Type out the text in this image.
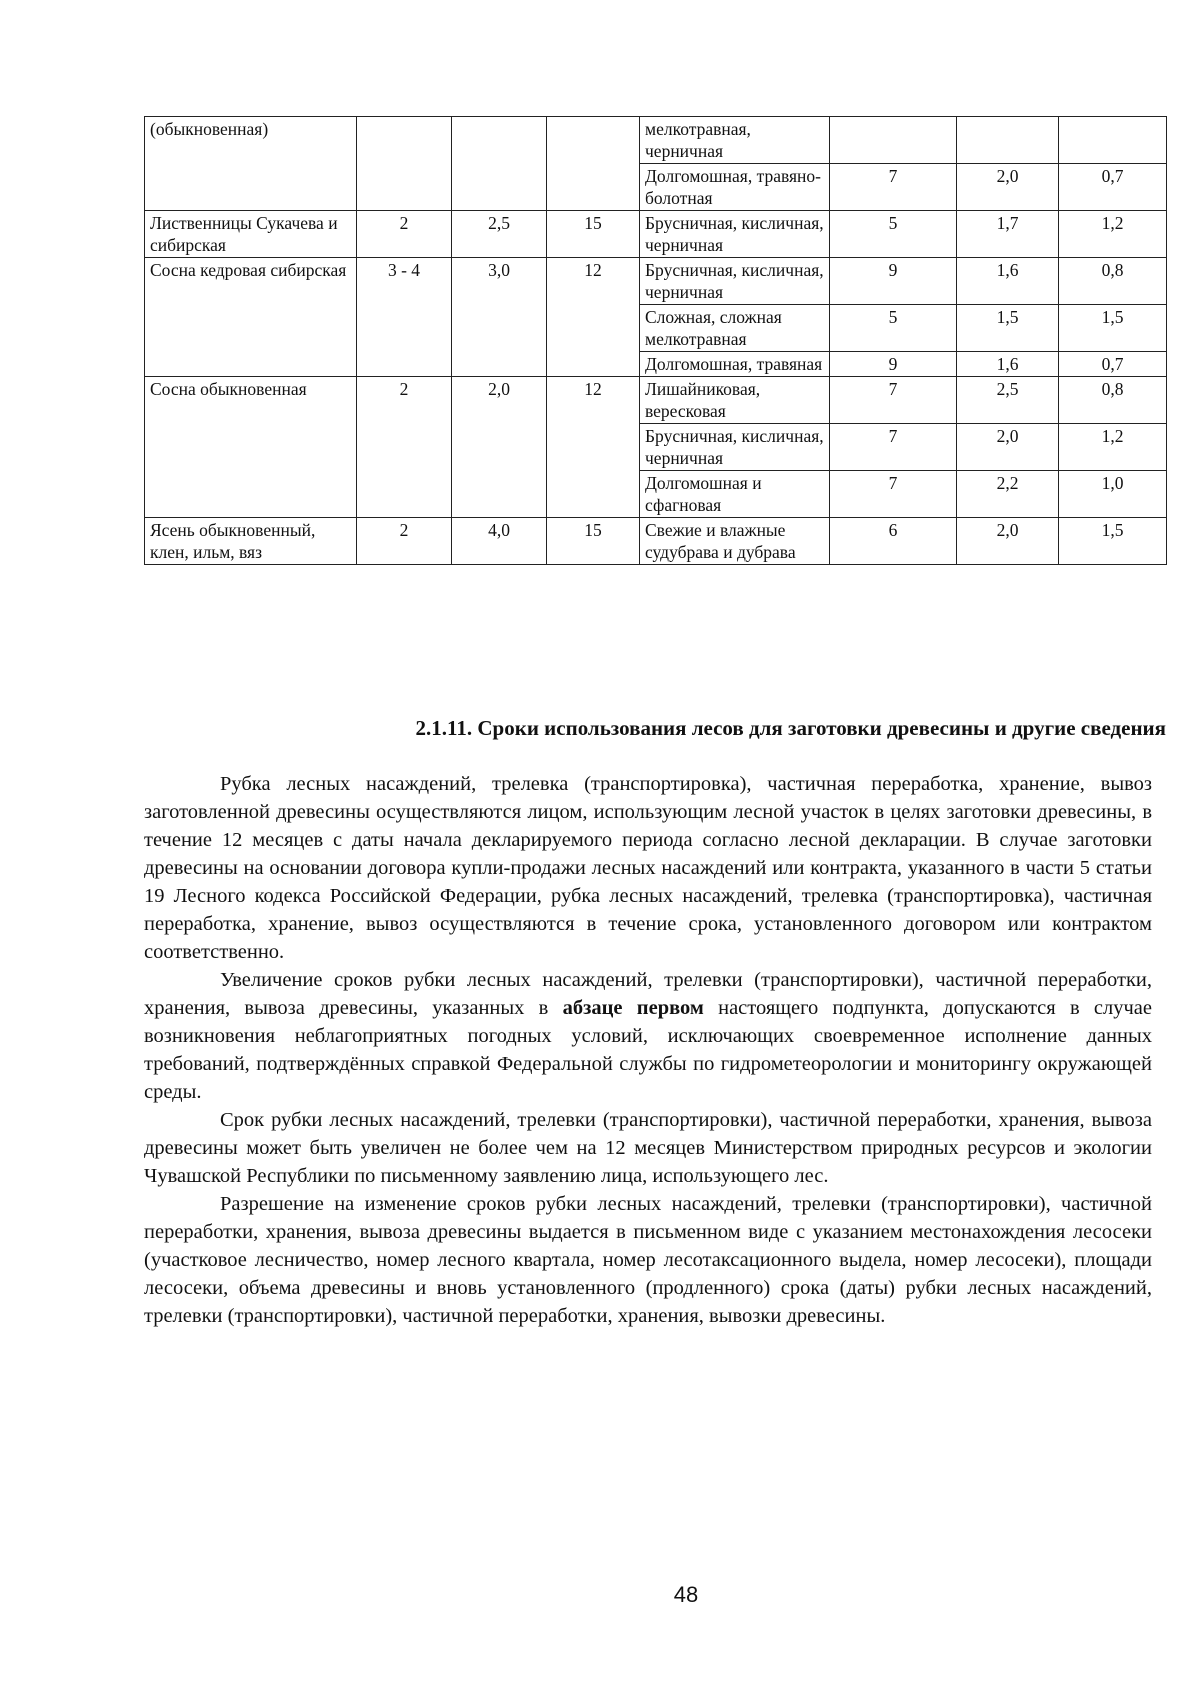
(обыкновенная)				мелкотравная, черничная			
				Долгомошная, травяно-болотная	7	2,0	0,7
Лиственницы Сукачева и сибирская	2	2,5	15	Брусничная, кисличная, черничная	5	1,7	1,2
Сосна кедровая сибирская	3 - 4	3,0	12	Брусничная, кисличная, черничная	9	1,6	0,8
				Сложная, сложная мелкотравная	5	1,5	1,5
				Долгомошная, травяная	9	1,6	0,7
Сосна обыкновенная	2	2,0	12	Лишайниковая, вересковая	7	2,5	0,8
				Брусничная, кисличная, черничная	7	2,0	1,2
				Долгомошная и сфагновая	7	2,2	1,0
Ясень обыкновенный, клен, ильм, вяз	2	4,0	15	Свежие и влажные судубрава и дубрава	6	2,0	1,5
2.1.11. Сроки использования лесов для заготовки древесины и другие сведения

Рубка лесных насаждений, трелевка (транспортировка), частичная переработка, хранение, вывоз заготовленной древесины осуществляются лицом, использующим лесной участок в целях заготовки древесины, в течение 12 месяцев с даты начала декларируемого периода согласно лесной декларации. В случае заготовки древесины на основании договора купли-продажи лесных насаждений или контракта, указанного в части 5 статьи 19 Лесного кодекса Российской Федерации, рубка лесных насаждений, трелевка (транспортировка), частичная переработка, хранение, вывоз осуществляются в течение срока, установленного договором или контрактом соответственно.

Увеличение сроков рубки лесных насаждений, трелевки (транспортировки), частичной переработки, хранения, вывоза древесины, указанных в абзаце первом настоящего подпункта, допускаются в случае возникновения неблагоприятных погодных условий, исключающих своевременное исполнение данных требований, подтверждённых справкой Федеральной службы по гидрометеорологии и мониторингу окружающей среды.

Срок рубки лесных насаждений, трелевки (транспортировки), частичной переработки, хранения, вывоза древесины может быть увеличен не более чем на 12 месяцев Министерством природных ресурсов и экологии Чувашской Республики по письменному заявлению лица, использующего лес.

Разрешение на изменение сроков рубки лесных насаждений, трелевки (транспортировки), частичной переработки, хранения, вывоза древесины выдается в письменном виде с указанием местонахождения лесосеки (участковое лесничество, номер лесного квартала, номер лесотаксационного выдела, номер лесосеки), площади лесосеки, объема древесины и вновь установленного (продленного) срока (даты) рубки лесных насаждений, трелевки (транспортировки), частичной переработки, хранения, вывозки древесины.

48
